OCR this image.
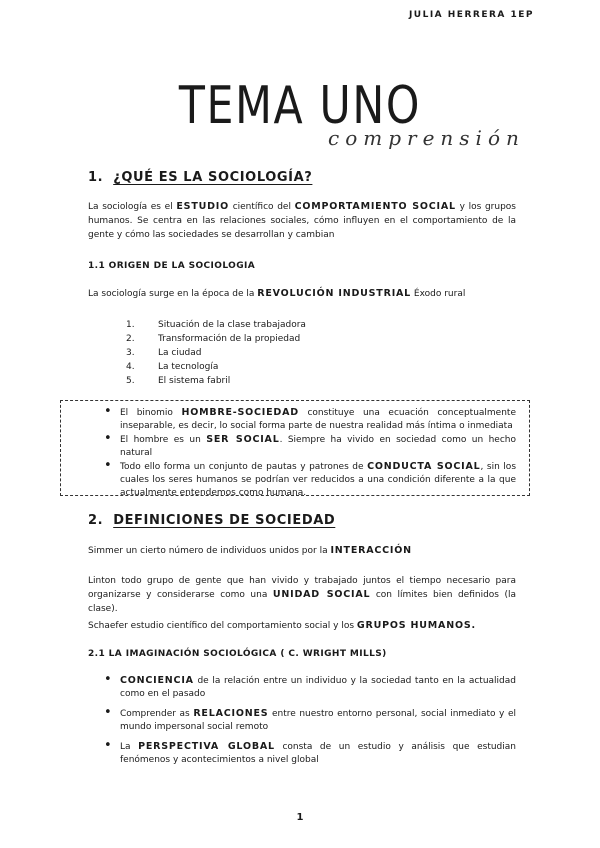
JULIA HERRERA 1EP
TEMA UNO
comprensión
1. ¿QUÉ ES LA SOCIOLOGÍA?

La sociología es el ESTUDIO científico del COMPORTAMIENTO SOCIAL y los grupos humanos. Se centra en las relaciones sociales, cómo influyen en el comportamiento de la gente y cómo las sociedades se desarrollan y cambian

1.1 ORIGEN DE LA SOCIOLOGIA

La sociología surge en la época de la REVOLUCIÓN INDUSTRIAL Éxodo rural

1.	Situación de la clase trabajadora
2.	Transformación de la propiedad
3.	La ciudad
4.	La tecnología
5.	El sistema fabril
• El binomio HOMBRE-SOCIEDAD constituye una ecuación conceptualmente inseparable, es decir, lo social forma parte de nuestra realidad más íntima o inmediata
• El hombre es un SER SOCIAL. Siempre ha vivido en sociedad como un hecho natural
• Todo ello forma un conjunto de pautas y patrones de CONDUCTA SOCIAL, sin los cuales los seres humanos se podrían ver reducidos a una condición diferente a la que actualmente entendemos como humana.
2. DEFINICIONES DE SOCIEDAD

Simmer un cierto número de individuos unidos por la INTERACCIÓN

Linton todo grupo de gente que han vivido y trabajado juntos el tiempo necesario para organizarse y considerarse como una UNIDAD SOCIAL con límites bien definidos (la clase).

Schaefer estudio científico del comportamiento social y los GRUPOS HUMANOS.

2.1 LA IMAGINACIÓN SOCIOLÓGICA ( C. WRIGHT MILLS)
• CONCIENCIA de la relación entre un individuo y la sociedad tanto en la actualidad como en el pasado
• Comprender as RELACIONES entre nuestro entorno personal, social inmediato y el mundo impersonal social remoto
• La PERSPECTIVA GLOBAL consta de un estudio y análisis que estudian fenómenos y acontecimientos a nivel global
1
